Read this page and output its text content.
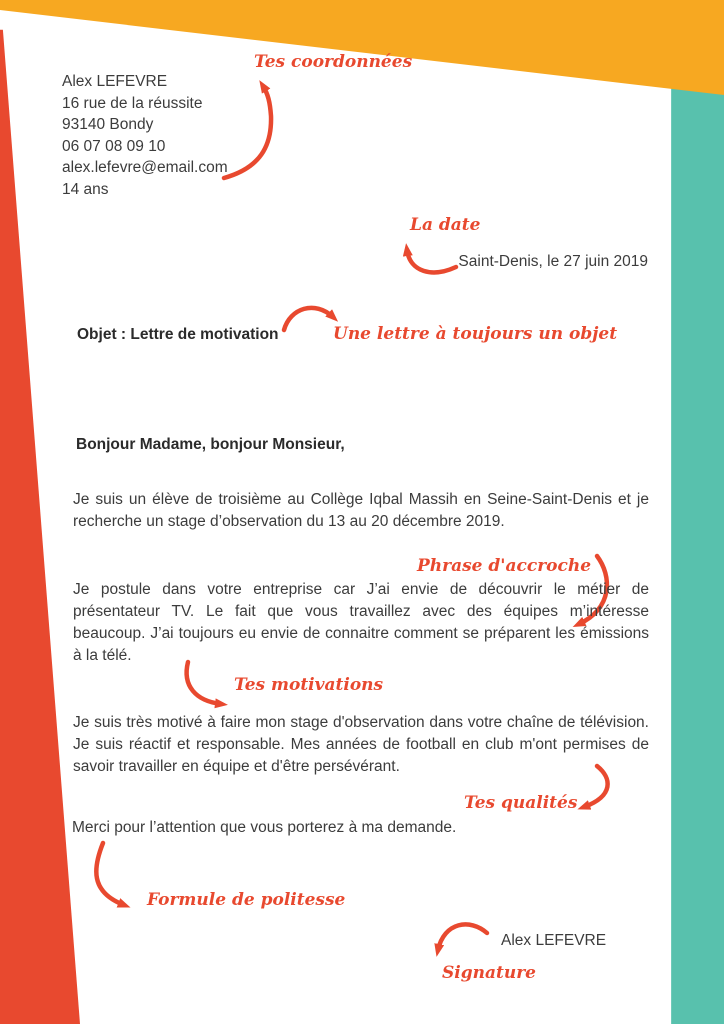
Alex LEFEVRE
16 rue de la réussite
93140 Bondy
06 07 08 09 10
alex.lefevre@email.com
14 ans
Tes coordonnées
La date
Saint-Denis, le 27 juin 2019
Objet : Lettre de motivation	Une lettre à toujours un objet
Bonjour Madame, bonjour Monsieur,
Je suis un élève de troisième au Collège Iqbal Massih en Seine-Saint-Denis et je recherche un stage d’observation du 13 au 20 décembre 2019.
Phrase d'accroche
Je postule dans votre entreprise car J’ai envie de découvrir le métier de présentateur TV. Le fait que vous travaillez avec des équipes m’intéresse beaucoup. J’ai toujours eu envie de connaitre comment se préparent les émissions à la télé.
Tes motivations
Je suis très motivé à faire mon stage d'observation dans votre chaîne de télévision. Je suis réactif et responsable. Mes années de football en club m'ont permises de savoir travailler en équipe et d'être persévérant.
Tes qualités
Merci pour l’attention que vous porterez à ma demande.
Formule de politesse
Alex LEFEVRE
Signature
